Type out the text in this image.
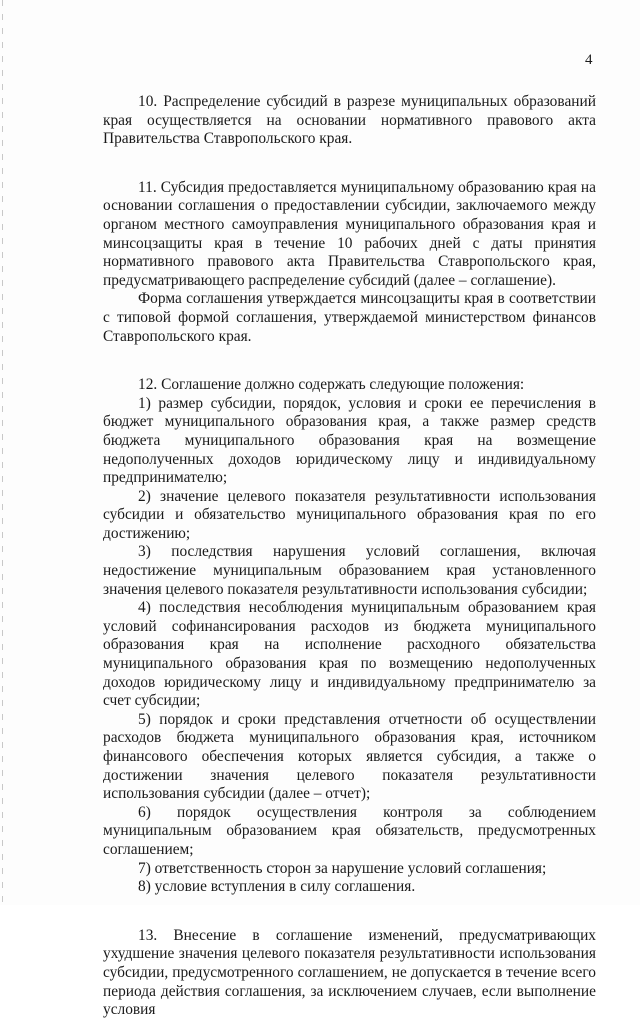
4

10. Распределение субсидий в разрезе муниципальных образований края осуществляется на основании нормативного правового акта Правительства Ставропольского края.

11. Субсидия предоставляется муниципальному образованию края на основании соглашения о предоставлении субсидии, заключаемого между органом местного самоуправления муниципального образования края и минсоцзащиты края в течение 10 рабочих дней с даты принятия нормативного правового акта Правительства Ставропольского края, предусматривающего распределение субсидий (далее – соглашение).

Форма соглашения утверждается минсоцзащиты края в соответствии с типовой формой соглашения, утверждаемой министерством финансов Ставропольского края.

12. Соглашение должно содержать следующие положения:

1) размер субсидии, порядок, условия и сроки ее перечисления в бюджет муниципального образования края, а также размер средств бюджета муниципального образования края на возмещение недополученных доходов юридическому лицу и индивидуальному предпринимателю;

2) значение целевого показателя результативности использования субсидии и обязательство муниципального образования края по его достижению;

3) последствия нарушения условий соглашения, включая недостижение муниципальным образованием края установленного значения целевого показателя результативности использования субсидии;

4) последствия несоблюдения муниципальным образованием края условий софинансирования расходов из бюджета муниципального образования края на исполнение расходного обязательства муниципального образования края по возмещению недополученных доходов юридическому лицу и индивидуальному предпринимателю за счет субсидии;

5) порядок и сроки представления отчетности об осуществлении расходов бюджета муниципального образования края, источником финансового обеспечения которых является субсидия, а также о достижении значения целевого показателя результативности использования субсидии (далее – отчет);

6) порядок осуществления контроля за соблюдением муниципальным образованием края обязательств, предусмотренных соглашением;

7) ответственность сторон за нарушение условий соглашения;

8) условие вступления в силу соглашения.

13. Внесение в соглашение изменений, предусматривающих ухудшение значения целевого показателя результативности использования субсидии, предусмотренного соглашением, не допускается в течение всего периода действия соглашения, за исключением случаев, если выполнение условия
